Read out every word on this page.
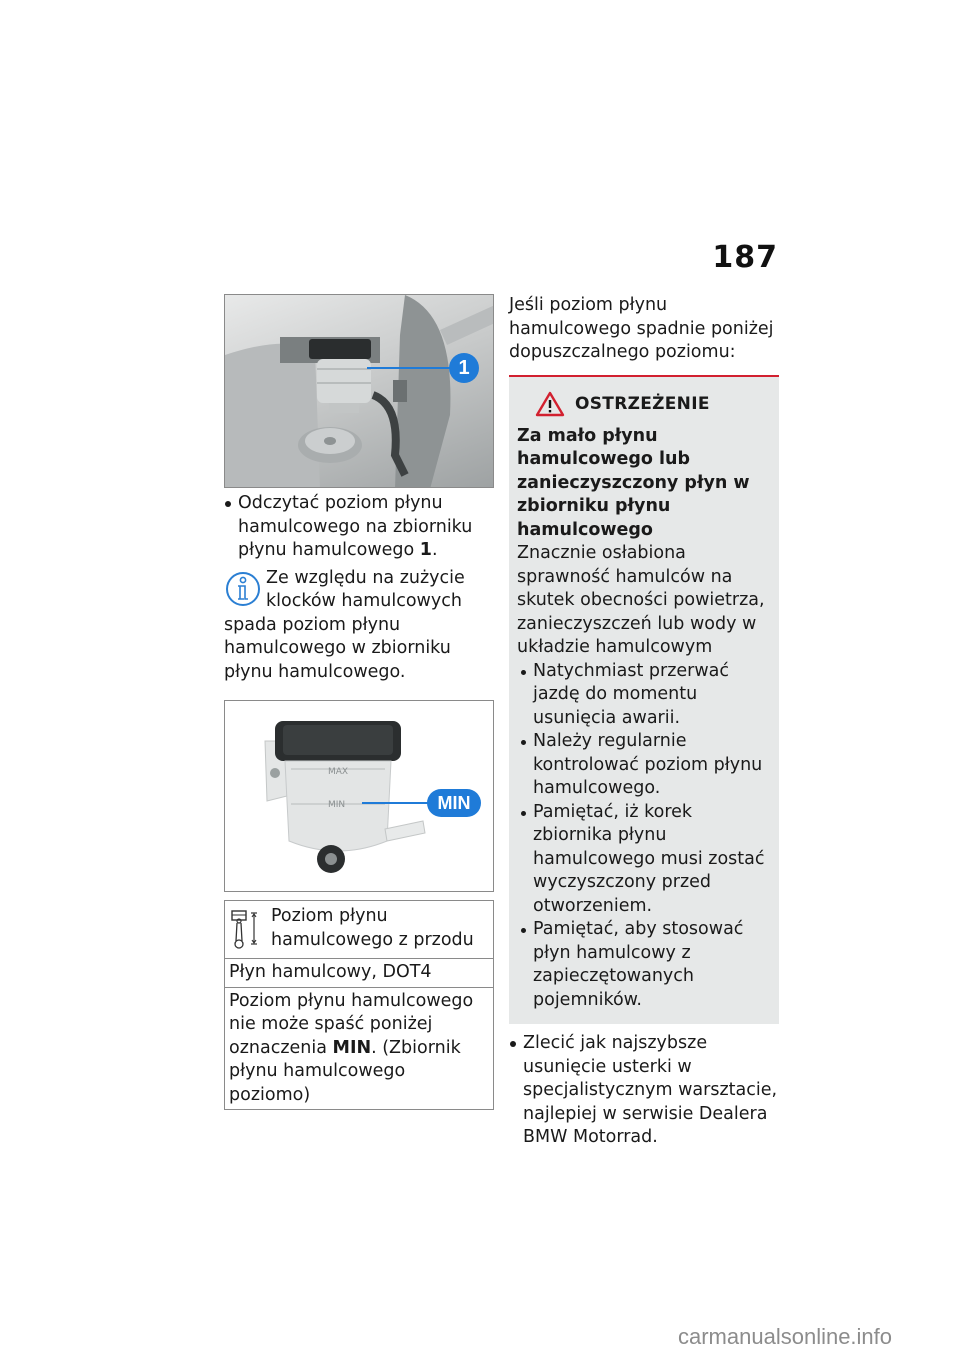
187
1
Odczytać poziom płynu hamulcowego na zbiorniku płynu hamulcowego 1.
Ze względu na zużycie klocków hamulcowych spada poziom płynu hamulcowego w zbiorniku płynu hamulcowego.
MAX
MIN	MIN
Poziom płynu hamulcowego z przodu
Płyn hamulcowy, DOT4
Poziom płynu hamulcowego nie może spaść poniżej oznaczenia MIN. (Zbiornik płynu hamulcowego poziomo)

Jeśli poziom płynu hamulcowego spadnie poniżej dopuszczalnego poziomu:

OSTRZEŻENIE
Za mało płynu hamulcowego lub zanieczyszczony płyn w zbiorniku płynu hamulcowego
Znacznie osłabiona sprawność hamulców na skutek obecności powietrza, zanieczyszczeń lub wody w układzie hamulcowym
Natychmiast przerwać jazdę do momentu usunięcia awarii.
Należy regularnie kontrolować poziom płynu hamulcowego.
Pamiętać, iż korek zbiornika płynu hamulcowego musi zostać wyczyszczony przed otworzeniem.
Pamiętać, aby stosować płyn hamulcowy z zapieczętowanych pojemników.
Zlecić jak najszybsze usunięcie usterki w specjalistycznym warsztacie, najlepiej w serwisie Dealera BMW Motorrad.
carmanualsonline.info
